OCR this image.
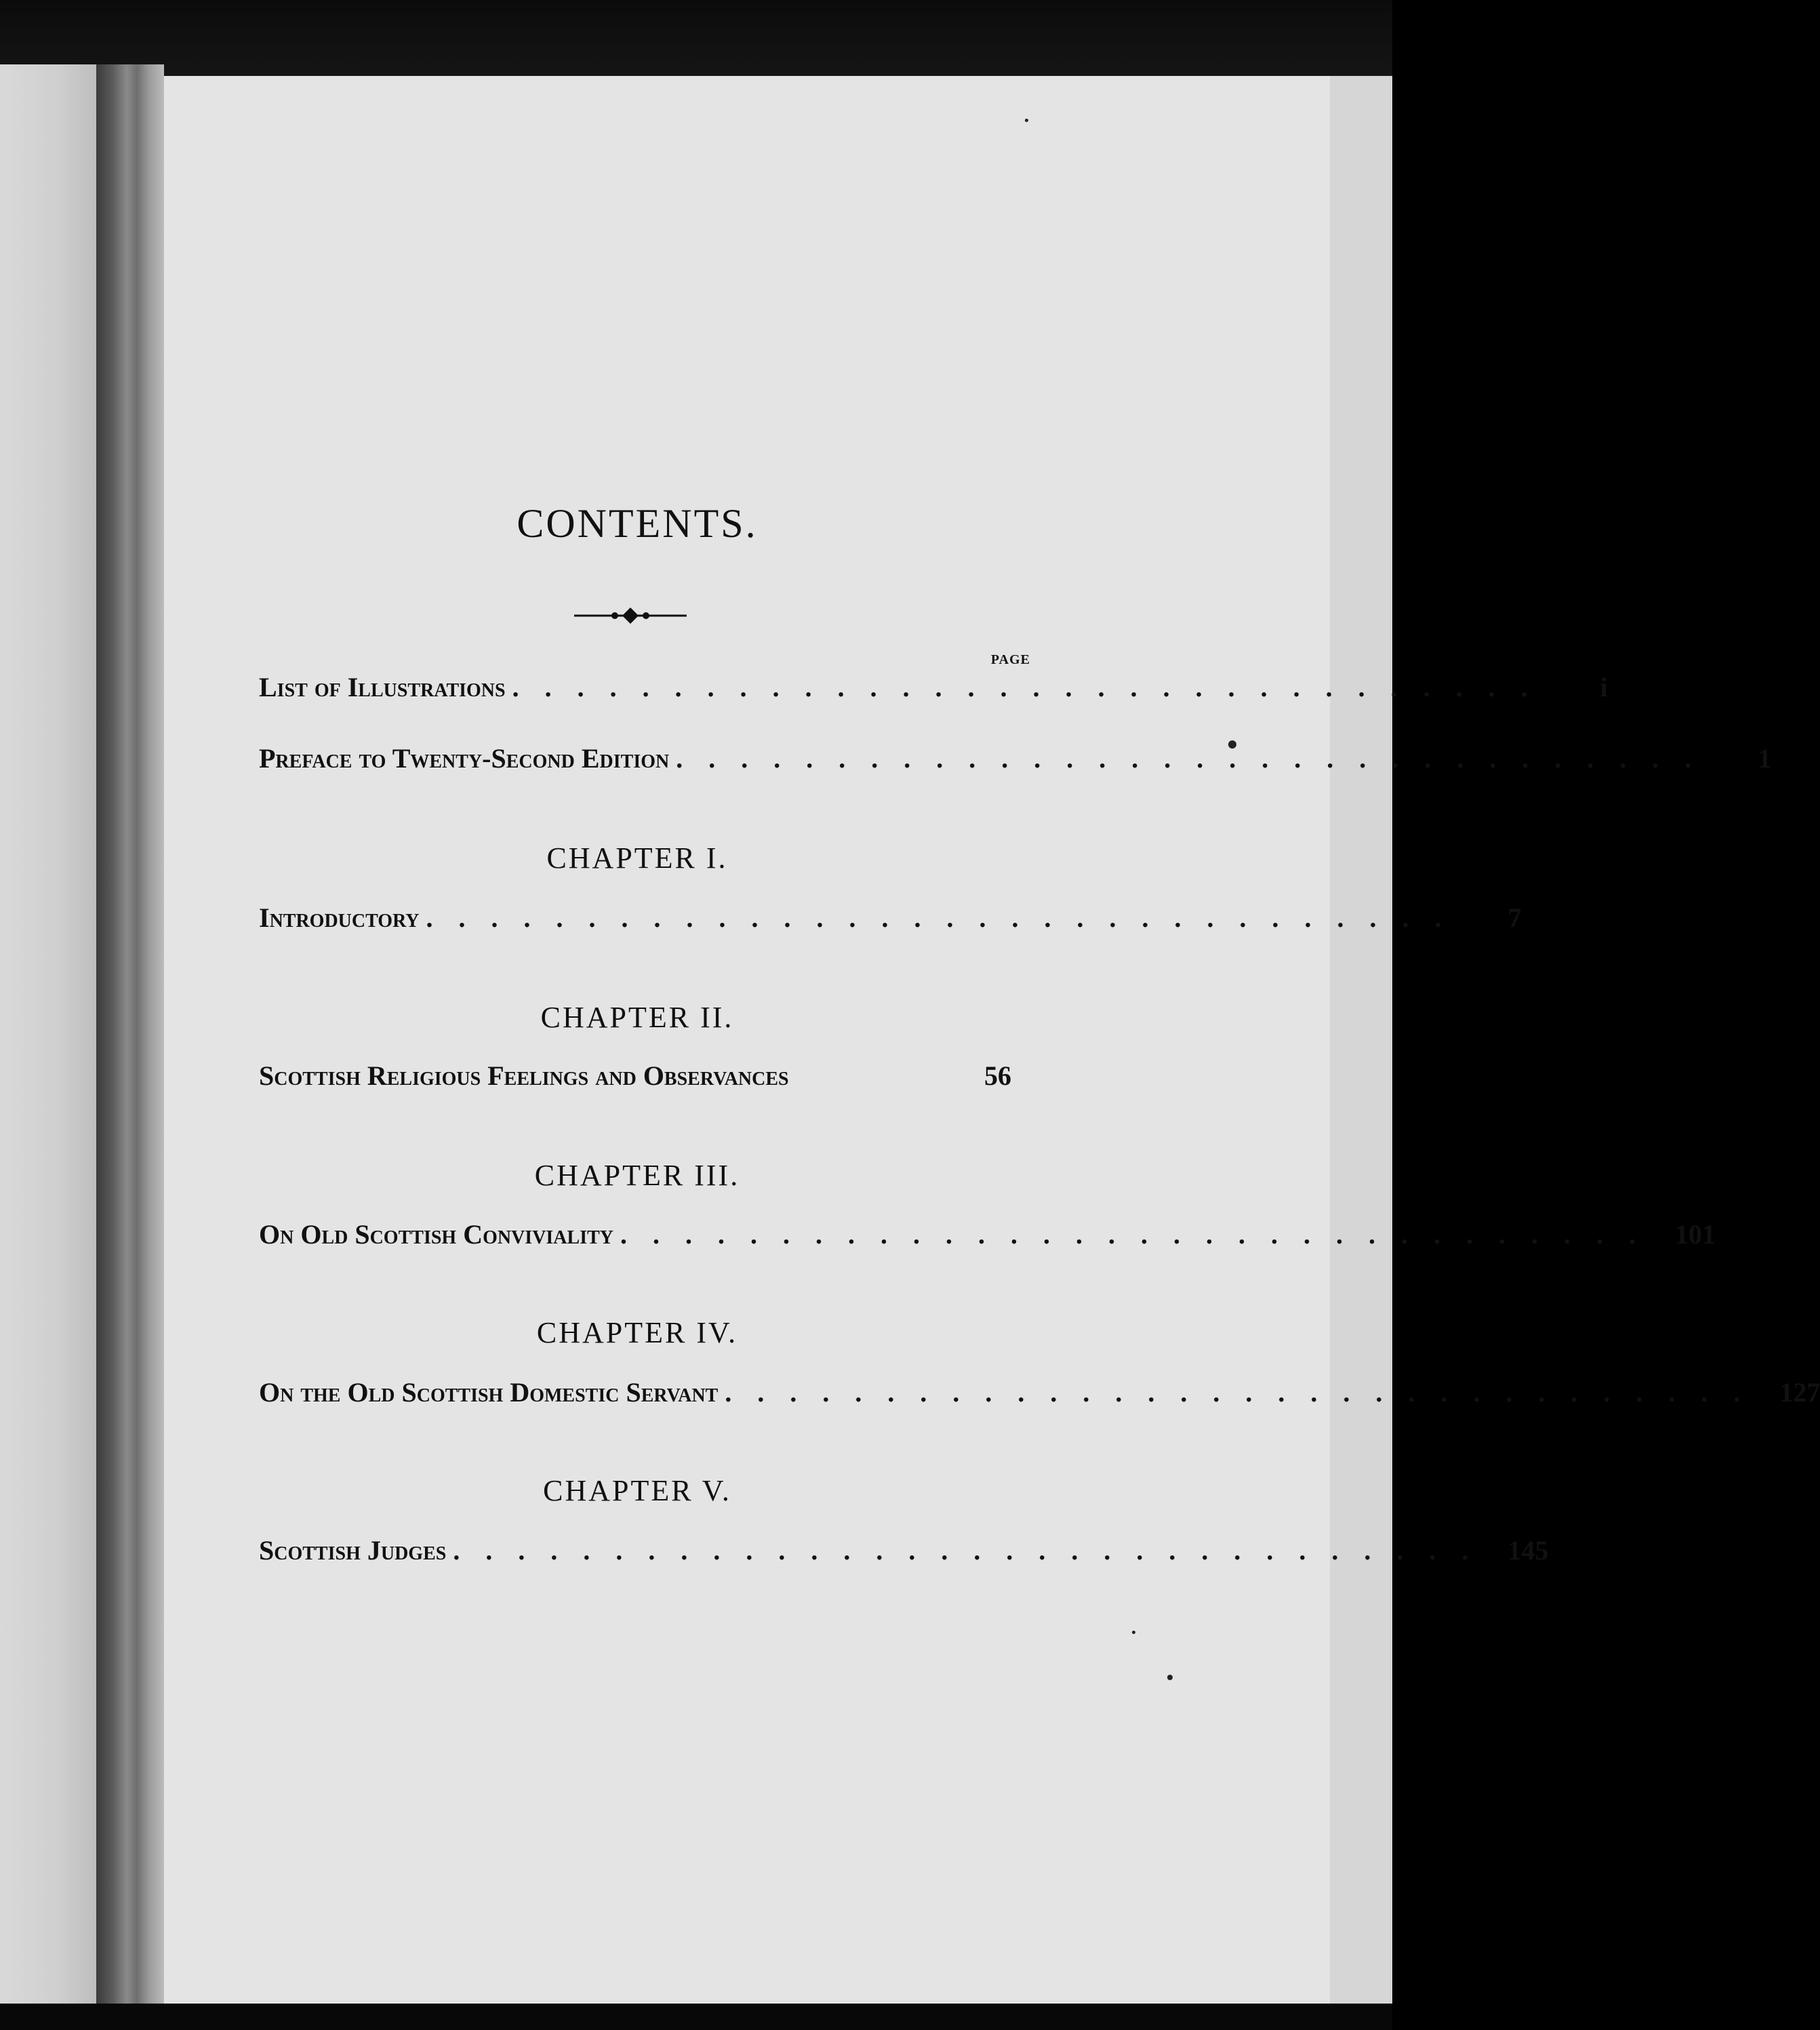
CONTENTS.
PAGE
List of Illustrations ................................	i
Preface to Twenty-Second Edition ................................	1
CHAPTER I.
Introductory ................................	7
CHAPTER II.
Scottish Religious Feelings and Observances	56
CHAPTER III.
On Old Scottish Conviviality ................................ 101
CHAPTER IV.
On the Old Scottish Domestic Servant ................................ 127
CHAPTER V.
Scottish Judges ................................ 145
